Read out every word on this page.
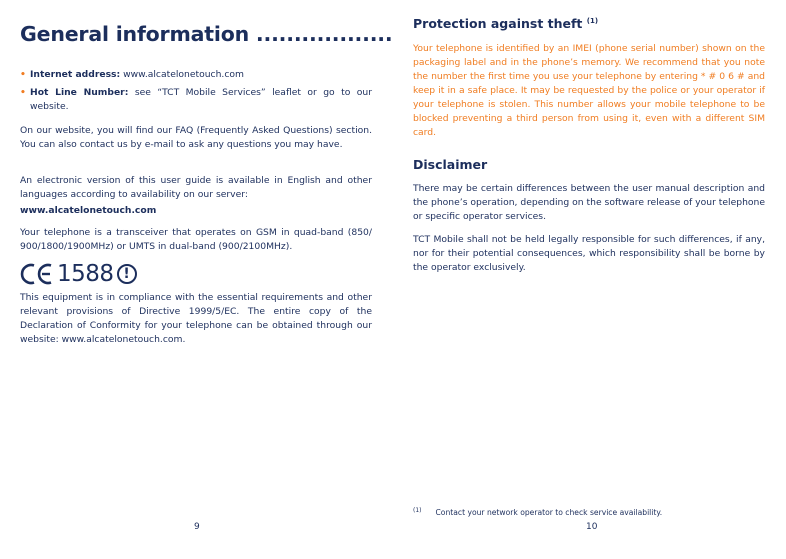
General information ..................
• Internet address: www.alcatelonetouch.com
• Hot Line Number: see “TCT Mobile Services” leaflet or go to our website.

On our website, you will find our FAQ (Frequently Asked Questions) section. You can also contact us by e-mail to ask any questions you may have.

An electronic version of this user guide is available in English and other languages according to availability on our server:

www.alcatelonetouch.com

Your telephone is a transceiver that operates on GSM in quad-band (850/ 900/1800/1900MHz) or UMTS in dual-band (900/2100MHz).

1588 !

This equipment is in compliance with the essential requirements and other relevant provisions of Directive 1999/5/EC. The entire copy of the Declaration of Conformity for your telephone can be obtained through our website: www.alcatelonetouch.com.

9
Protection against theft $^{(1)}$

Your telephone is identified by an IMEI (phone serial number) shown on the packaging label and in the phone’s memory. We recommend that you note the number the first time you use your telephone by entering * # 0 6 # and keep it in a safe place. It may be requested by the police or your operator if your telephone is stolen. This number allows your mobile telephone to be blocked preventing a third person from using it, even with a different SIM card.

Disclaimer

There may be certain differences between the user manual description and the phone’s operation, depending on the software release of your telephone or specific operator services.

TCT Mobile shall not be held legally responsible for such differences, if any, nor for their potential consequences, which responsibility shall be borne by the operator exclusively.

$^{(1)}$ Contact your network operator to check service availability.
10
